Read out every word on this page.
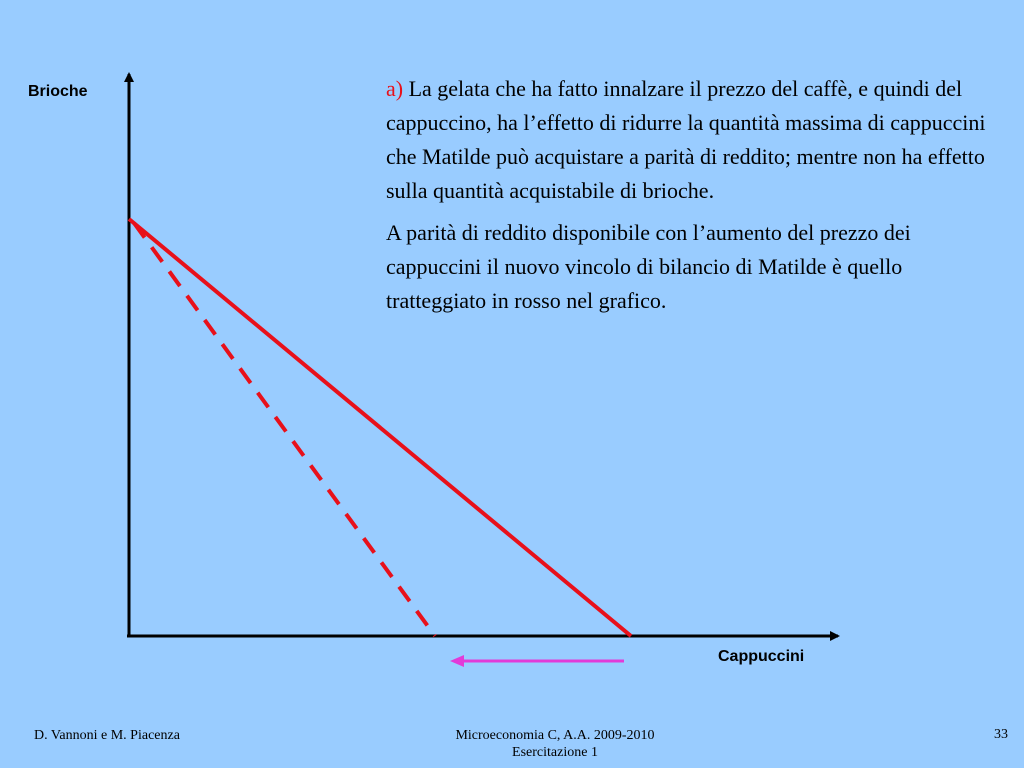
Brioche
Cappuccini

a) La gelata che ha fatto innalzare il prezzo del caffè, e quindi del cappuccino, ha l’effetto di ridurre la quantità massima di cappuccini che Matilde può acquistare a parità di reddito; mentre non ha effetto sulla quantità acquistabile di brioche.

A parità di reddito disponibile con l’aumento del prezzo dei cappuccini il nuovo vincolo di bilancio di Matilde è quello tratteggiato in rosso nel grafico.

D. Vannoni e M. Piacenza	Microeconomia C, A.A. 2009-2010
Esercitazione 1
33
